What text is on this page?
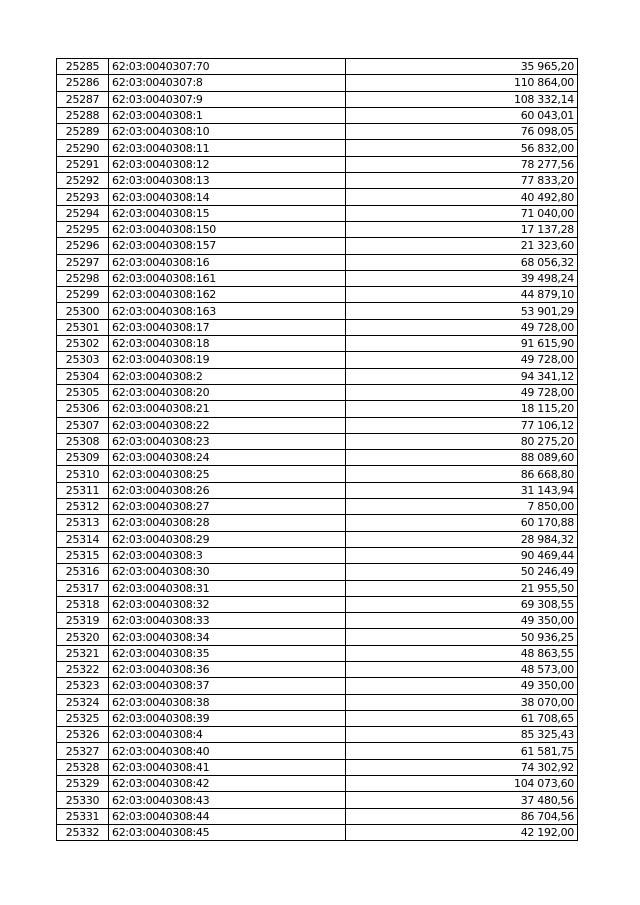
25285	62:03:0040307:70	35 965,20
25286	62:03:0040307:8	110 864,00
25287	62:03:0040307:9	108 332,14
25288	62:03:0040308:1	60 043,01
25289	62:03:0040308:10	76 098,05
25290	62:03:0040308:11	56 832,00
25291	62:03:0040308:12	78 277,56
25292	62:03:0040308:13	77 833,20
25293	62:03:0040308:14	40 492,80
25294	62:03:0040308:15	71 040,00
25295	62:03:0040308:150	17 137,28
25296	62:03:0040308:157	21 323,60
25297	62:03:0040308:16	68 056,32
25298	62:03:0040308:161	39 498,24
25299	62:03:0040308:162	44 879,10
25300	62:03:0040308:163	53 901,29
25301	62:03:0040308:17	49 728,00
25302	62:03:0040308:18	91 615,90
25303	62:03:0040308:19	49 728,00
25304	62:03:0040308:2	94 341,12
25305	62:03:0040308:20	49 728,00
25306	62:03:0040308:21	18 115,20
25307	62:03:0040308:22	77 106,12
25308	62:03:0040308:23	80 275,20
25309	62:03:0040308:24	88 089,60
25310	62:03:0040308:25	86 668,80
25311	62:03:0040308:26	31 143,94
25312	62:03:0040308:27	7 850,00
25313	62:03:0040308:28	60 170,88
25314	62:03:0040308:29	28 984,32
25315	62:03:0040308:3	90 469,44
25316	62:03:0040308:30	50 246,49
25317	62:03:0040308:31	21 955,50
25318	62:03:0040308:32	69 308,55
25319	62:03:0040308:33	49 350,00
25320	62:03:0040308:34	50 936,25
25321	62:03:0040308:35	48 863,55
25322	62:03:0040308:36	48 573,00
25323	62:03:0040308:37	49 350,00
25324	62:03:0040308:38	38 070,00
25325	62:03:0040308:39	61 708,65
25326	62:03:0040308:4	85 325,43
25327	62:03:0040308:40	61 581,75
25328	62:03:0040308:41	74 302,92
25329	62:03:0040308:42	104 073,60
25330	62:03:0040308:43	37 480,56
25331	62:03:0040308:44	86 704,56
25332	62:03:0040308:45	42 192,00
